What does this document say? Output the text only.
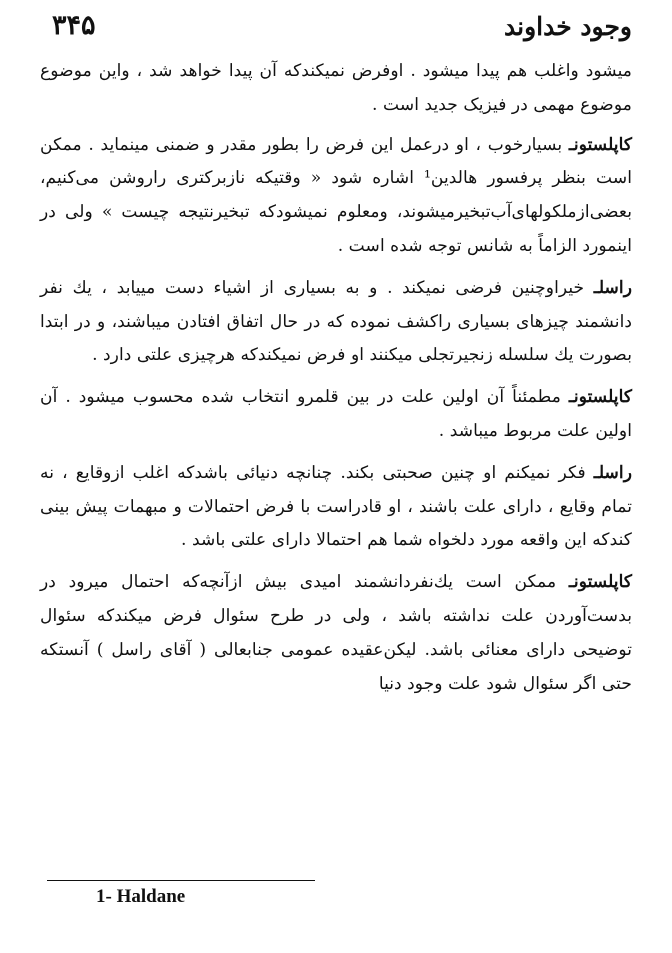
وجود خداوند
۳۴۵

میشود واغلب هم پیدا میشود . اوفرض نمیکندکه آن پیدا خواهد شد ، واین موضوع موضوع مهمی در فیزیک جدید است .

کاپلستونـ بسیارخوب ، او درعمل این فرض را بطور مقدر و ضمنی مینماید . ممکن است بنظر پرفسور هالدین¹ اشاره شود « وقتیکه نازبرکتری راروشن می‌کنیم، بعضی‌ازملکولهای‌آب‌تبخیرمیشوند، ومعلوم نمیشودکه تبخیرنتیجه چیست » ولی در اینمورد الزاماً به شانس توجه شده است .

راسلـ خیراوچنین فرضی نمیکند . و به بسیاری از اشیاء دست مییابد ، یك نفر دانشمند چیزهای بسیاری راکشف نموده که در حال اتفاق افتادن میباشند، و در ابتدا بصورت یك سلسله زنجیرتجلی میکنند او فرض نمیکندکه هرچیزی علتی دارد .

کاپلستونـ مطمئناً آن اولین علت در بین قلمرو انتخاب شده محسوب میشود . آن اولین علت مربوط میباشد .

راسلـ فکر نمیکنم او چنین صحبتی بکند. چنانچه دنیائی باشدکه اغلب ازوقایع ، نه تمام وقایع ، دارای علت باشند ، او قادراست با فرض احتمالات و مبهمات پیش بینی کندکه این واقعه مورد دلخواه شما هم احتمالا دارای علتی باشد .

کاپلستونـ ممکن است یك‌نفردانشمند امیدی بیش ازآنچه‌که احتمال میرود در بدست‌آوردن علت نداشته باشد ، ولی در طرح سئوال فرض میکندکه سئوال توضیحی دارای معنائی باشد. لیکن‌عقیده عمومی جنابعالی ( آقای راسل ) آنستکه حتی اگر سئوال شود علت وجود دنیا

‎1- Haldane
